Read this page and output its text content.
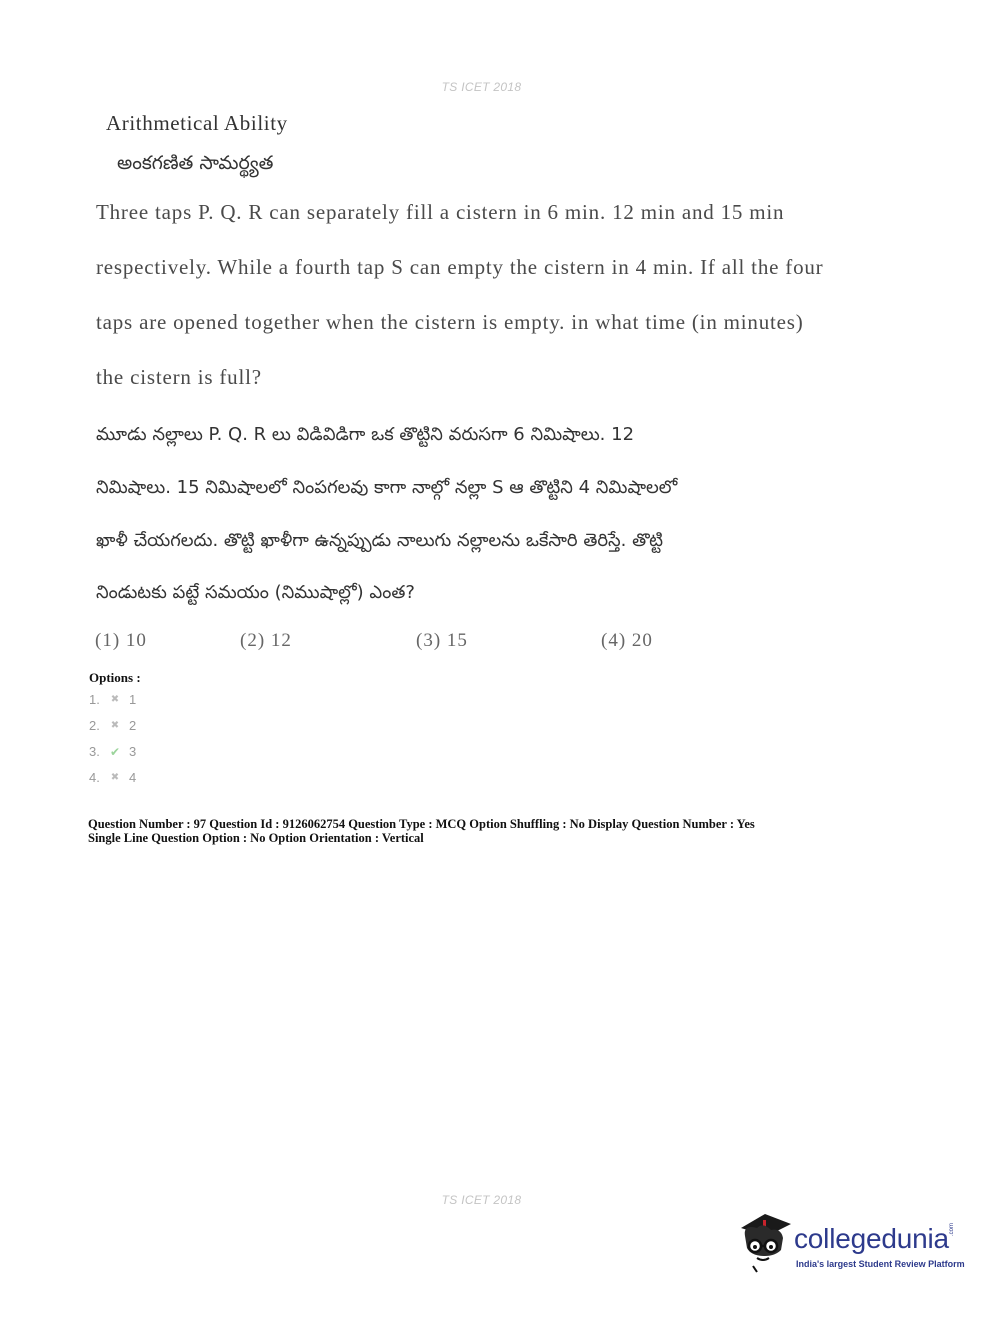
TS ICET 2018
Arithmetical Ability
అంకగణిత సామర్థ్యత
Three taps P. Q. R can separately fill a cistern in 6 min. 12 min and 15 min
respectively. While a fourth tap S can empty the cistern in 4 min. If all the four
taps are opened together when the cistern is empty. in what time (in minutes)
the cistern is full?
మూడు నల్లాలు P. Q. R లు విడివిడిగా ఒక తొట్టిని వరుసగా 6 నిమిషాలు. 12
నిమిషాలు. 15 నిమిషాలలో నింపగలవు కాగా నాల్గో నల్లా S ఆ తొట్టిని 4 నిమిషాలలో
ఖాళీ చేయగలదు. తొట్టి ఖాళీగా ఉన్నప్పుడు నాలుగు నల్లాలను ఒకేసారి తెరిస్తే. తొట్టి
నిండుటకు పట్టే సమయం (నిముషాల్లో) ఎంత?
(1) 10	(2) 12	(3) 15	(4) 20
Options :
1.	✖ 1
2.	✖ 2
3. ✔ 3
4.	✖ 4
Question Number : 97 Question Id : 9126062754 Question Type : MCQ Option Shuffling : No Display Question Number : Yes
Single Line Question Option : No Option Orientation : Vertical
TS ICET 2018
collegedunia .com
India's largest Student Review Platform
